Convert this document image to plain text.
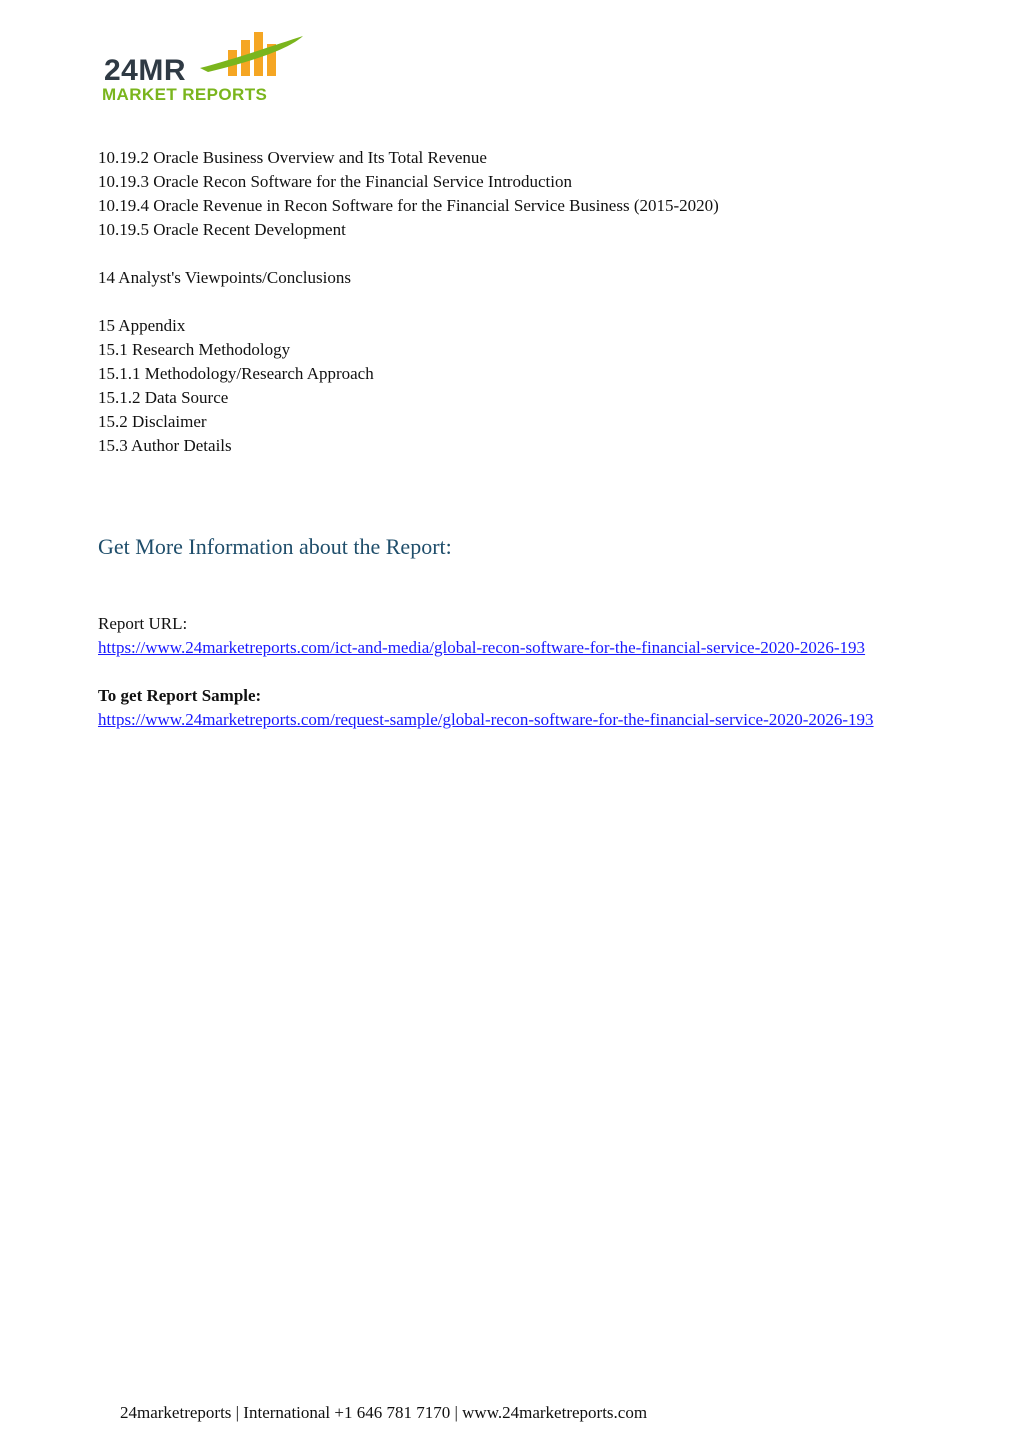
24MR
MARKET REPORTS
10.19.2 Oracle Business Overview and Its Total Revenue
10.19.3 Oracle Recon Software for the Financial Service Introduction
10.19.4 Oracle Revenue in Recon Software for the Financial Service Business (2015-2020)
10.19.5 Oracle Recent Development
14 Analyst's Viewpoints/Conclusions
15 Appendix
15.1 Research Methodology
15.1.1 Methodology/Research Approach
15.1.2 Data Source
15.2 Disclaimer
15.3 Author Details
Get More Information about the Report:
Report URL:
https://www.24marketreports.com/ict-and-media/global-recon-software-for-the-financial-service-2020-2026-193
To get Report Sample:
https://www.24marketreports.com/request-sample/global-recon-software-for-the-financial-service-2020-2026-193
24marketreports | International +1 646 781 7170 | www.24marketreports.com
